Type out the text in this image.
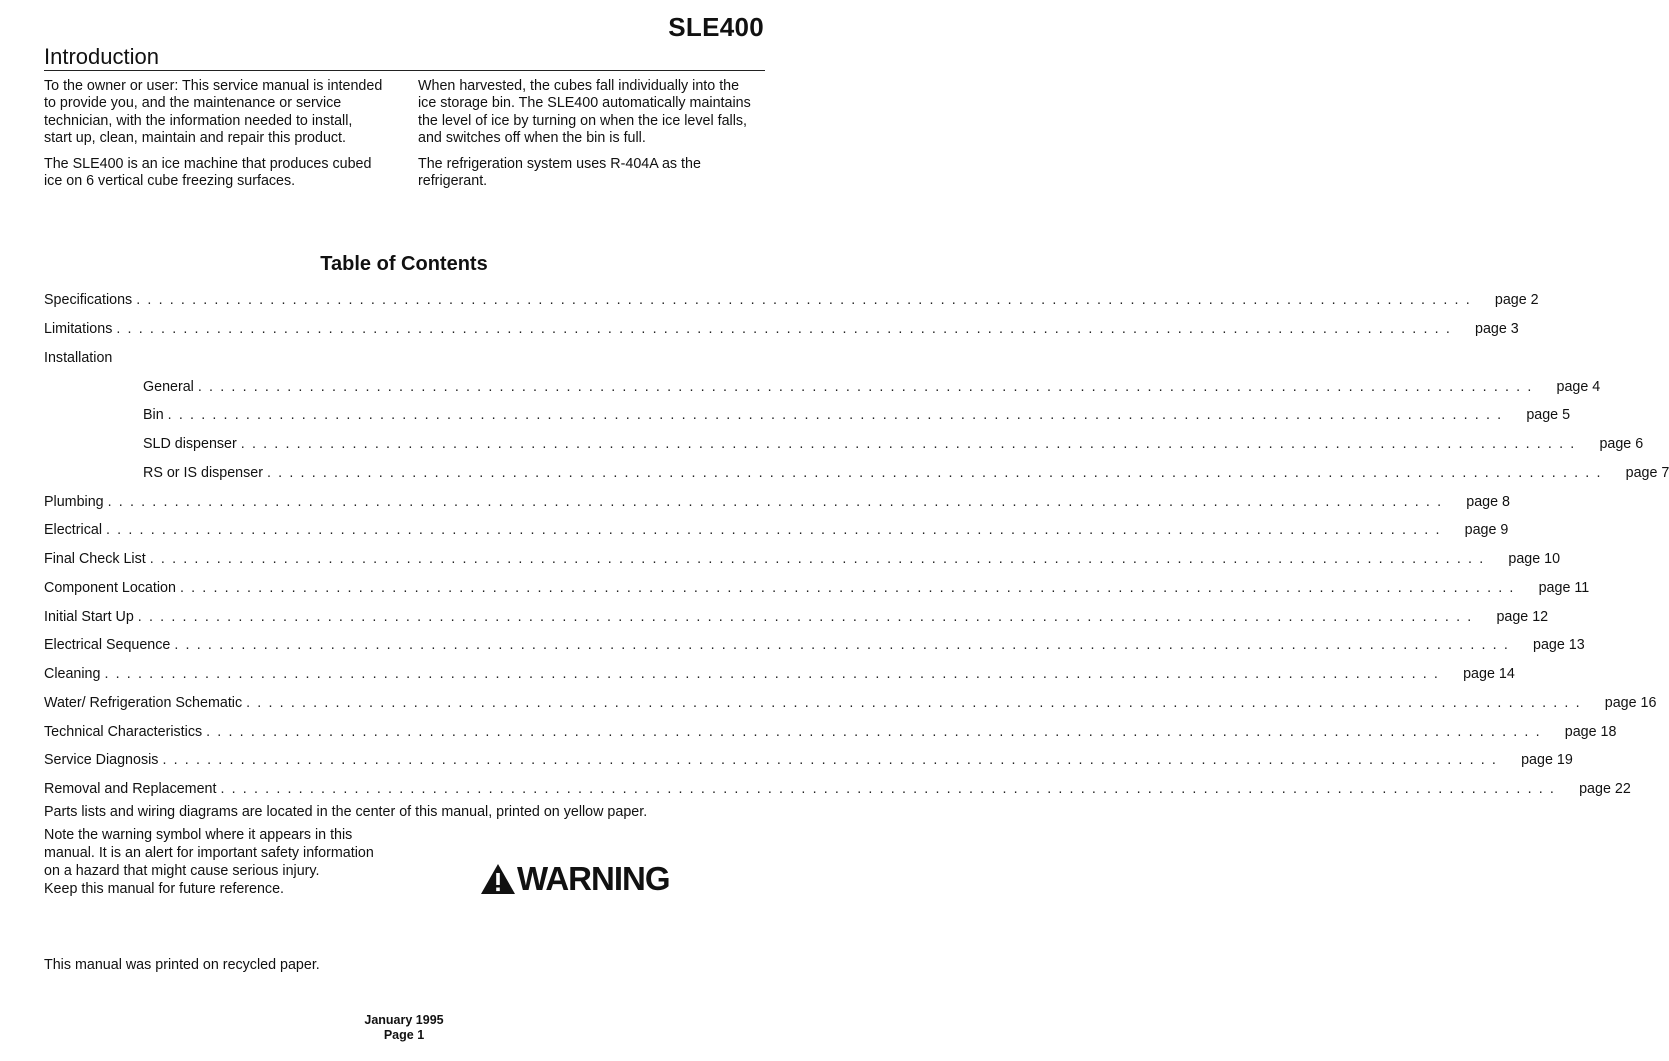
SLE400
Introduction

To the owner or user: This service manual is intended to provide you, and the maintenance or service technician, with the information needed to install, start up, clean, maintain and repair this product.

The SLE400 is an ice machine that produces cubed ice on 6 vertical cube freezing surfaces.

When harvested, the cubes fall individually into the ice storage bin. The SLE400 automatically maintains the level of ice by turning on when the ice level falls, and switches off when the bin is full.

The refrigeration system uses R-404A as the refrigerant.

Table of Contents
Specifications ........................................................................................................................ page 2
Limitations ........................................................................................................................ page 3
Installation
General ........................................................................................................................ page 4
Bin ........................................................................................................................ page 5
SLD dispenser ........................................................................................................................ page 6
RS or IS dispenser ........................................................................................................................ page 7
Plumbing ........................................................................................................................ page 8
Electrical ........................................................................................................................ page 9
Final Check List ........................................................................................................................ page 10
Component Location ........................................................................................................................ page 11
Initial Start Up ........................................................................................................................ page 12
Electrical Sequence ........................................................................................................................ page 13
Cleaning ........................................................................................................................ page 14
Water/ Refrigeration Schematic ........................................................................................................................ page 16
Technical Characteristics ........................................................................................................................ page 18
Service Diagnosis ........................................................................................................................ page 19
Removal and Replacement ........................................................................................................................ page 22
Parts lists and wiring diagrams are located in the center of this manual, printed on yellow paper.

Note the warning symbol where it appears in this manual. It is an alert for important safety information on a hazard that might cause serious injury.

Keep this manual for future reference.	WARNING
This manual was printed on recycled paper.
January 1995
Page 1
